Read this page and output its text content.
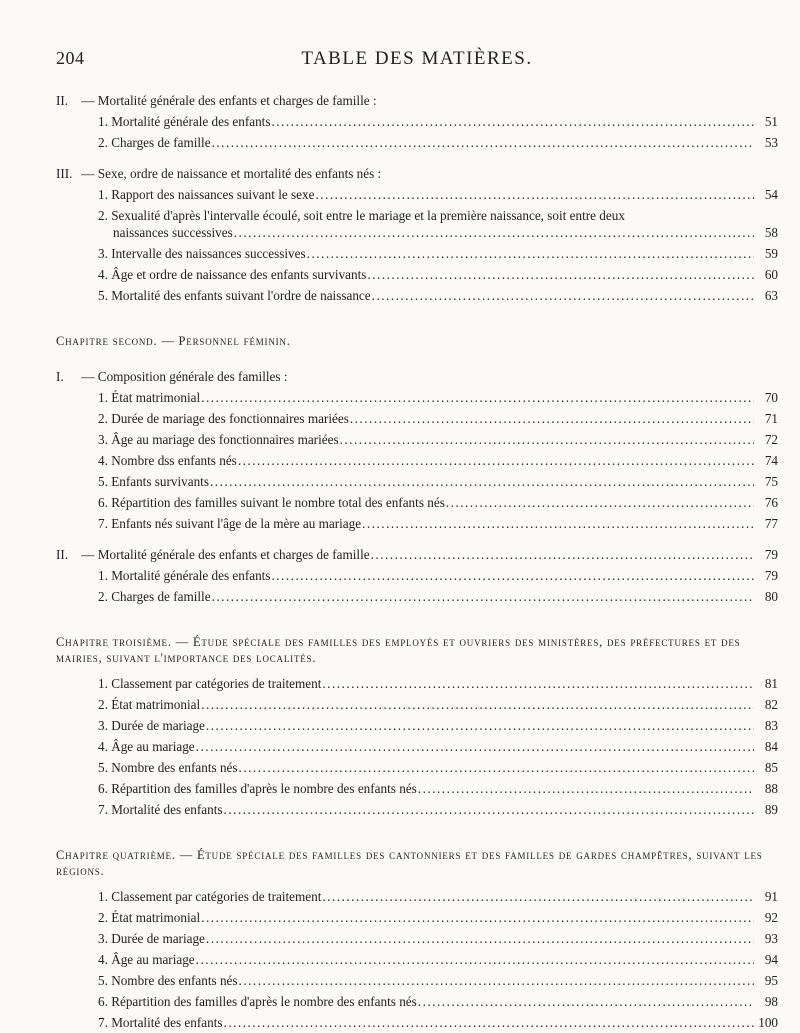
204	TABLE DES MATIÈRES.
II. — Mortalité générale des enfants et charges de famille :
1. Mortalité générale des enfants .....	51
2. Charges de famille .....	53
III. — Sexe, ordre de naissance et mortalité des enfants nés :
1. Rapport des naissances suivant le sexe .....	54
2. Sexualité d'après l'intervalle écoulé, soit entre le mariage et la première naissance, soit entre deux
naissances successives .....	58
3. Intervalle des naissances successives .....	59
4. Âge et ordre de naissance des enfants survivants .....	60
5. Mortalité des enfants suivant l'ordre de naissance .....	63
Chapitre second. — Personnel féminin.
I. — Composition générale des familles :
1. État matrimonial .....	70
2. Durée de mariage des fonctionnaires mariées .....	71
3. Âge au mariage des fonctionnaires mariées .....	72
4. Nombre dss enfants nés .....	74
5. Enfants survivants .....	75
6. Répartition des familles suivant le nombre total des enfants nés .....	76
7. Enfants nés suivant l'âge de la mère au mariage .....	77
II. — Mortalité générale des enfants et charges de famille .....	79
1. Mortalité générale des enfants .....	79
2. Charges de famille .....	80
Chapitre troisième. — Étude spéciale des familles des employés et ouvriers des ministères, des préfectures et des mairies, suivant l'importance des localités.
1. Classement par catégories de traitement .....	81
2. État matrimonial .....	82
3. Durée de mariage .....	83
4. Âge au mariage .....	84
5. Nombre des enfants nés .....	85
6. Répartition des familles d'après le nombre des enfants nés .....	88
7. Mortalité des enfants .....	89
Chapitre quatrième. — Étude spéciale des familles des cantonniers et des familles de gardes champêtres, suivant les régions.
1. Classement par catégories de traitement .....	91
2. État matrimonial .....	92
3. Durée de mariage .....	93
4. Âge au mariage .....	94
5. Nombre des enfants nés .....	95
6. Répartition des familles d'après le nombre des enfants nés .....	98
7. Mortalité des enfants .....	100
